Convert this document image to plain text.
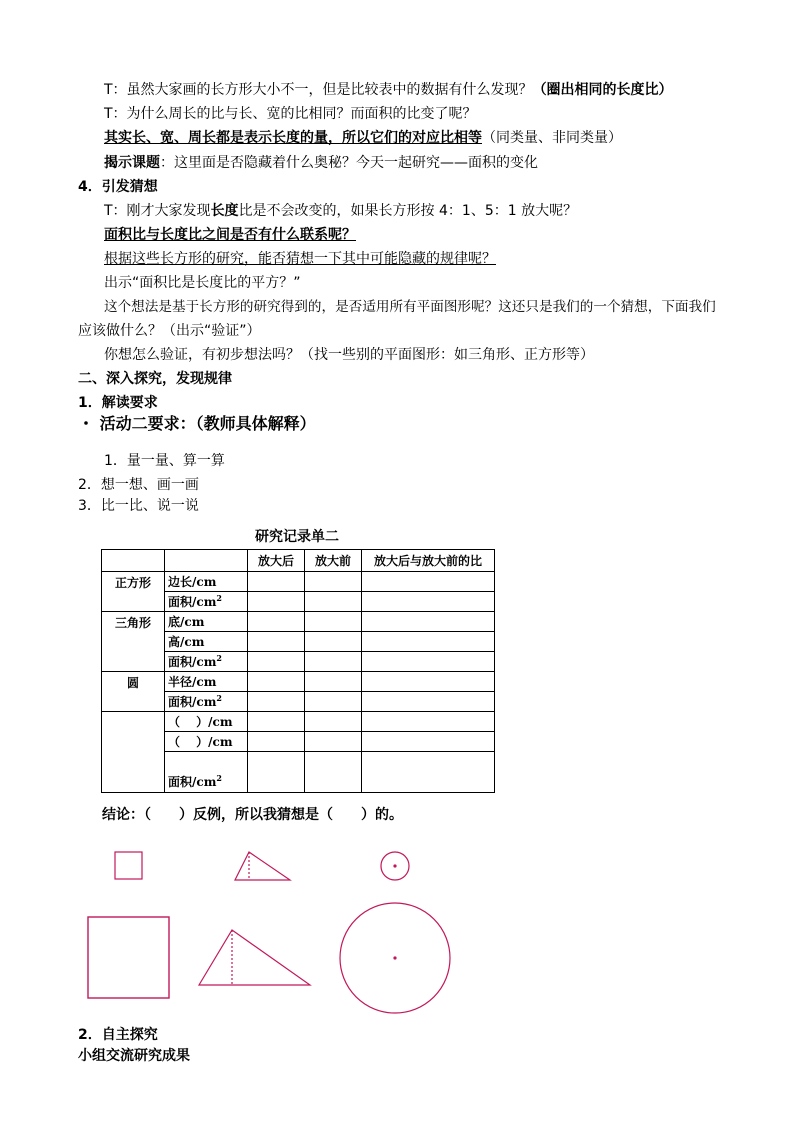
T：虽然大家画的长方形大小不一，但是比较表中的数据有什么发现？（圈出相同的长度比）
T：为什么周长的比与长、宽的比相同？而面积的比变了呢？
其实长、宽、周长都是表示长度的量，所以它们的对应比相等（同类量、非同类量）
揭示课题：这里面是否隐藏着什么奥秘？今天一起研究——面积的变化
4．引发猜想
T：刚才大家发现长度比是不会改变的，如果长方形按 4：1、5：1 放大呢？
面积比与长度比之间是否有什么联系呢？
根据这些长方形的研究，能否猜想一下其中可能隐藏的规律呢？
出示“面积比是长度比的平方？”
这个想法是基于长方形的研究得到的，是否适用所有平面图形呢？这还只是我们的一个猜想，下面我们
应该做什么？（出示“验证”）
你想怎么验证，有初步想法吗？（找一些别的平面图形：如三角形、正方形等）
二、深入探究，发现规律
1．解读要求
・ 活动二要求：（教师具体解释）
1．量一量、算一算
2．想一想、画一画
3．比一比、说一说
研究记录单二
		放大后	放大前	放大后与放大前的比
正方形	边长/cm			
	面积$/cm^2$			
三角形	底/cm			
	高/cm			
	面积$/cm^2$			
圆	半径/cm			
	面积$/cm^2$			
	（　 ）/cm			
	（　 ）/cm			
	面积$/cm^2$			
结论：（　　）反例，所以我猜想是（　　）的。
2．自主探究
小组交流研究成果
